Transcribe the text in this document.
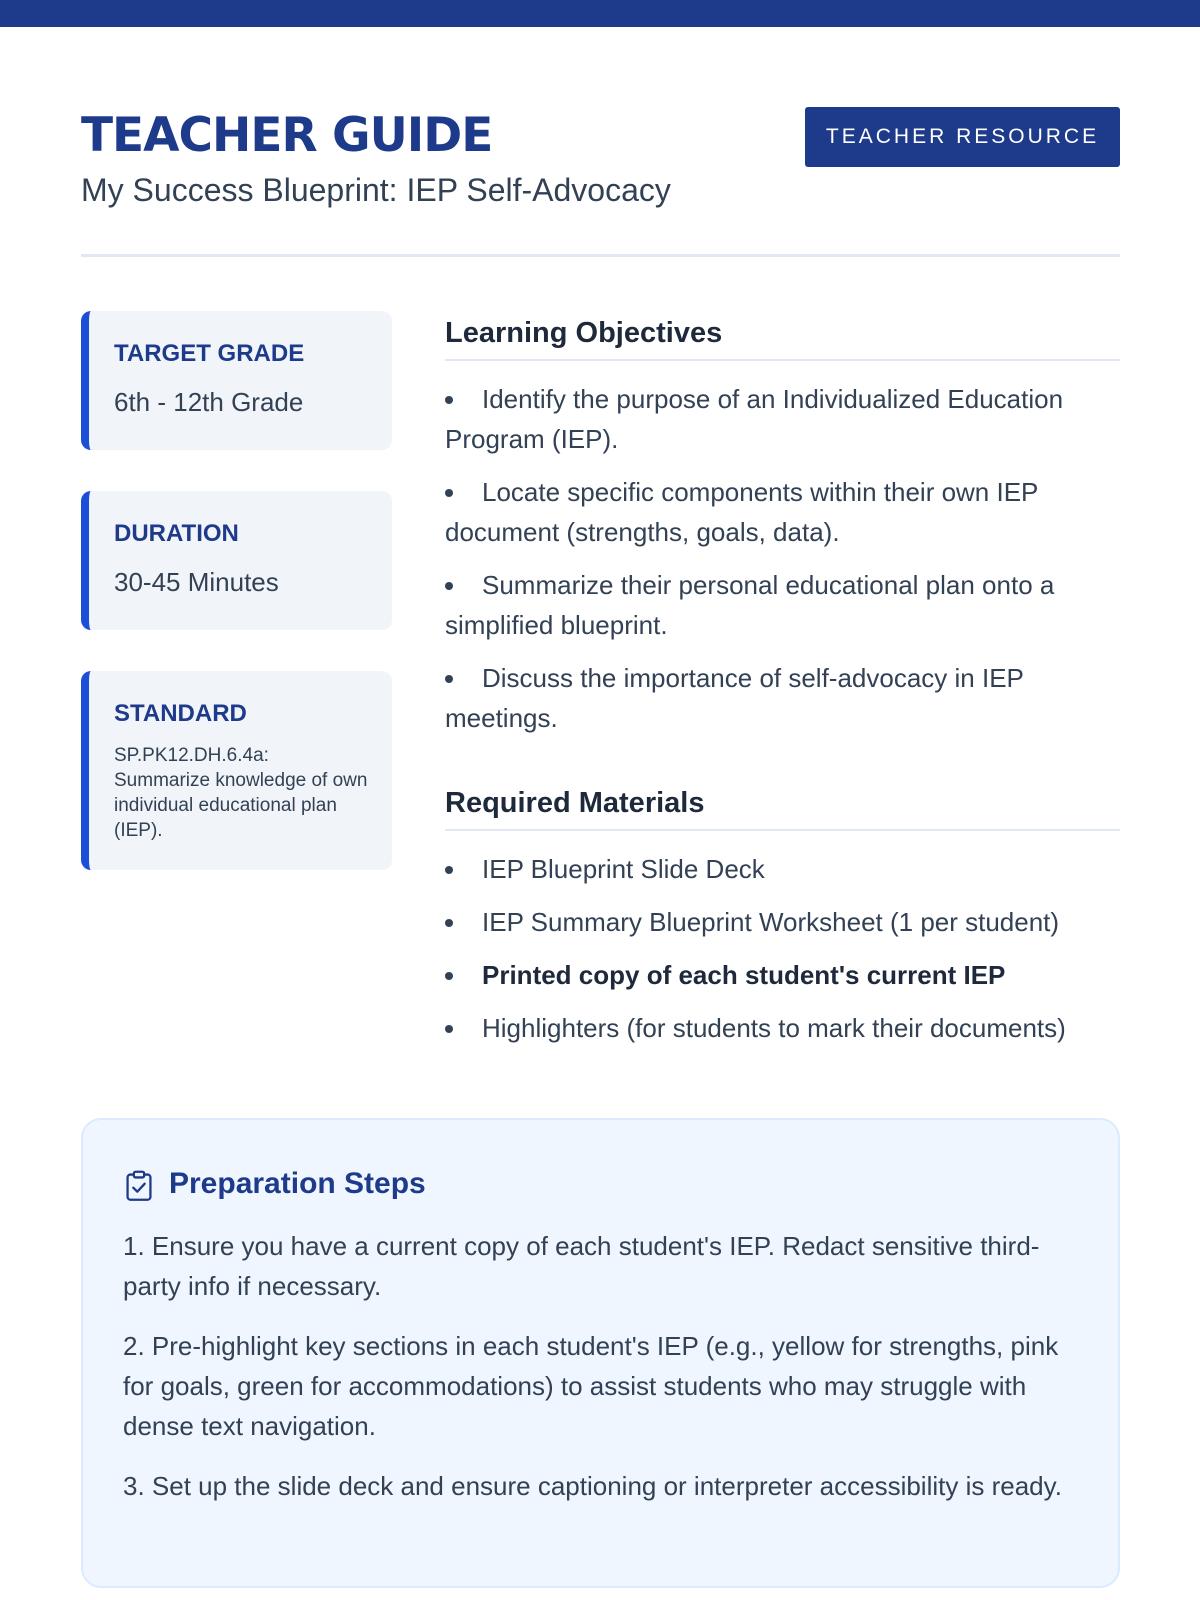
TEACHER GUIDE
My Success Blueprint: IEP Self-Advocacy
TEACHER RESOURCE
TARGET GRADE
6th - 12th Grade
DURATION
30-45 Minutes
STANDARD
SP.PK12.DH.6.4a: Summarize knowledge of own individual educational plan (IEP).
Learning Objectives
Identify the purpose of an Individualized Education Program (IEP).
Locate specific components within their own IEP document (strengths, goals, data).
Summarize their personal educational plan onto a simplified blueprint.
Discuss the importance of self-advocacy in IEP meetings.
Required Materials
IEP Blueprint Slide Deck
IEP Summary Blueprint Worksheet (1 per student)
Printed copy of each student's current IEP
Highlighters (for students to mark their documents)
Preparation Steps

1. Ensure you have a current copy of each student's IEP. Redact sensitive third-party info if necessary.

2. Pre-highlight key sections in each student's IEP (e.g., yellow for strengths, pink for goals, green for accommodations) to assist students who may struggle with dense text navigation.

3. Set up the slide deck and ensure captioning or interpreter accessibility is ready.
